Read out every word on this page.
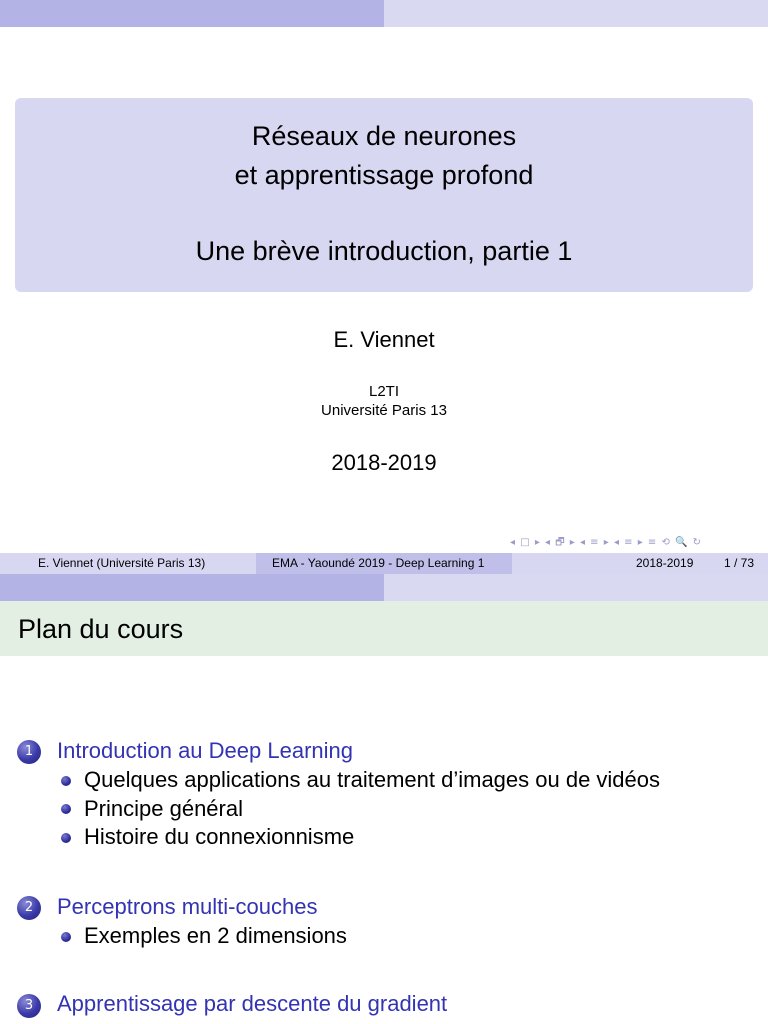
Réseaux de neurones
et apprentissage profond
Une brève introduction, partie 1
E. Viennet
L2TI
Université Paris 13
2018-2019
◂ □ ▸ ◂ 🗗 ▸ ◂ ≡ ▸ ◂ ≡ ▸ ≡ ⟲ 🔍 ↻
E. Viennet (Université Paris 13)	EMA - Yaoundé 2019 - Deep Learning 1	2018-2019	1 / 73
Plan du cours
1	Introduction au Deep Learning
Quelques applications au traitement d’images ou de vidéos
Principe général
Histoire du connexionnisme
2	Perceptrons multi-couches
Exemples en 2 dimensions
3	Apprentissage par descente du gradient
